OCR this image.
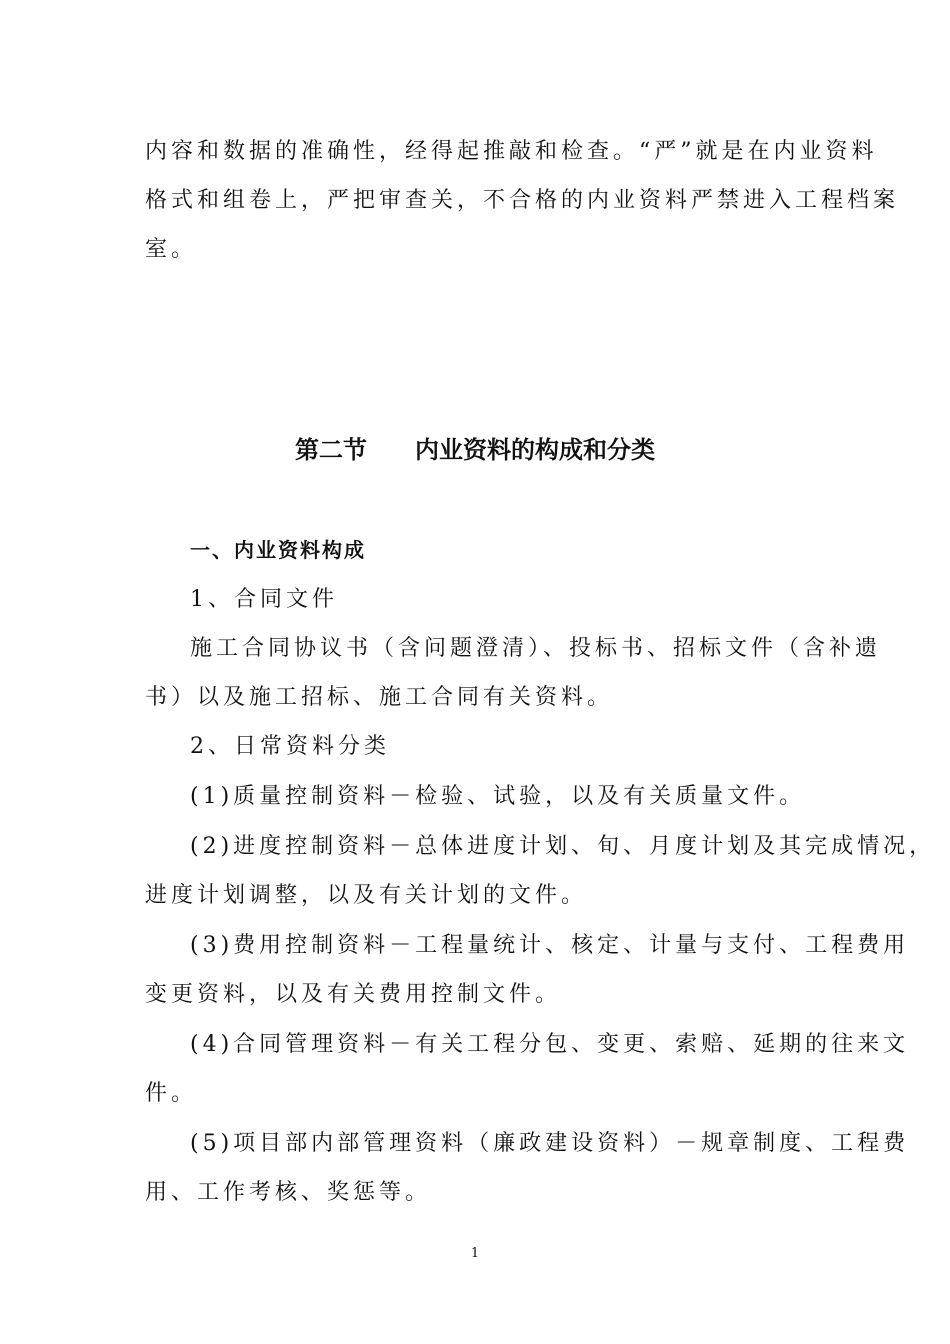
内容和数据的准确性，经得起推敲和检查。“严”就是在内业资料
格式和组卷上，严把审查关，不合格的内业资料严禁进入工程档案
室。
第二节　　内业资料的构成和分类
一、内业资料构成
1、合同文件
施工合同协议书（含问题澄清）、投标书、招标文件（含补遗
书）以及施工招标、施工合同有关资料。
2、日常资料分类
(1)质量控制资料－检验、试验，以及有关质量文件。
(2)进度控制资料－总体进度计划、旬、月度计划及其完成情况，
进度计划调整，以及有关计划的文件。
(3)费用控制资料－工程量统计、核定、计量与支付、工程费用
变更资料，以及有关费用控制文件。
(4)合同管理资料－有关工程分包、变更、索赔、延期的往来文
件。
(5)项目部内部管理资料（廉政建设资料）－规章制度、工程费
用、工作考核、奖惩等。
1
